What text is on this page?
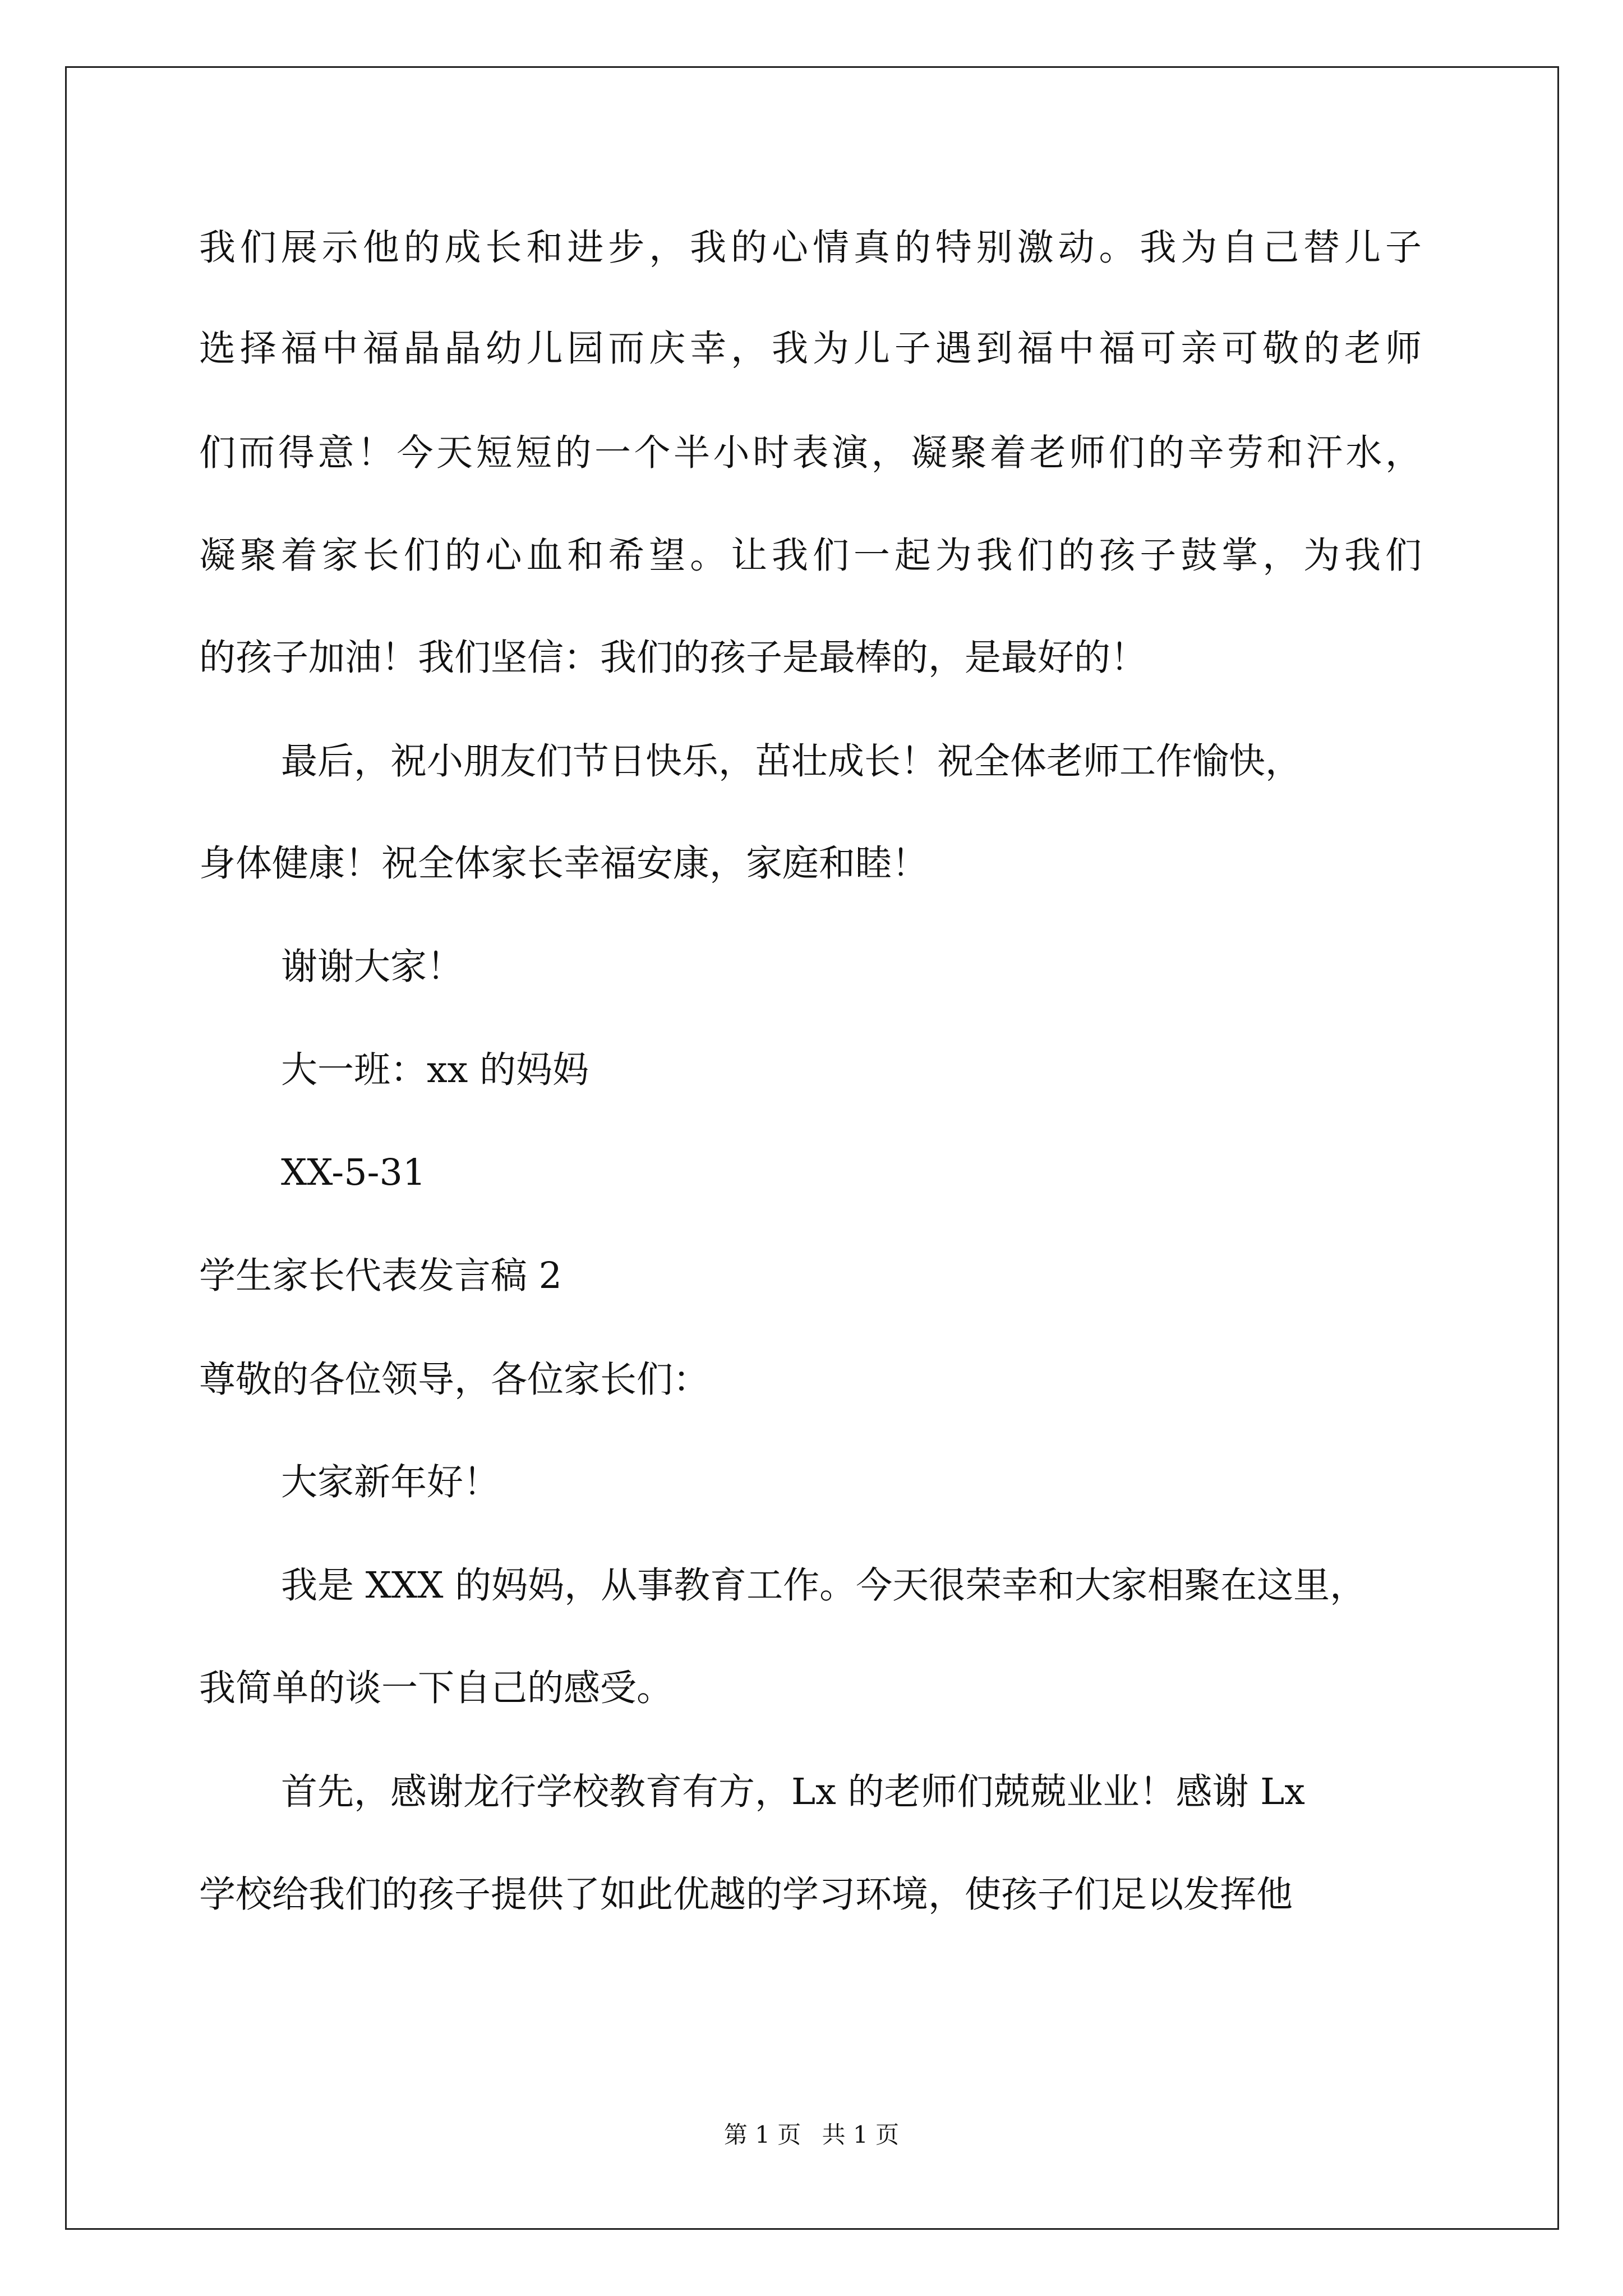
我们展示他的成长和进步，我的心情真的特别激动。我为自己替儿子
选择福中福晶晶幼儿园而庆幸，我为儿子遇到福中福可亲可敬的老师
们而得意！今天短短的一个半小时表演，凝聚着老师们的辛劳和汗水，
凝聚着家长们的心血和希望。让我们一起为我们的孩子鼓掌，为我们
的孩子加油！我们坚信：我们的孩子是最棒的，是最好的！
最后，祝小朋友们节日快乐，茁壮成长！祝全体老师工作愉快，
身体健康！祝全体家长幸福安康，家庭和睦！
谢谢大家！
大一班：xx 的妈妈
XX-5-31
学生家长代表发言稿 2
尊敬的各位领导，各位家长们：
大家新年好！
我是 XXX 的妈妈，从事教育工作。今天很荣幸和大家相聚在这里，
我简单的谈一下自己的感受。
首先，感谢龙行学校教育有方，Lx 的老师们兢兢业业！感谢 Lx
学校给我们的孩子提供了如此优越的学习环境，使孩子们足以发挥他
第 1 页 共 1 页
